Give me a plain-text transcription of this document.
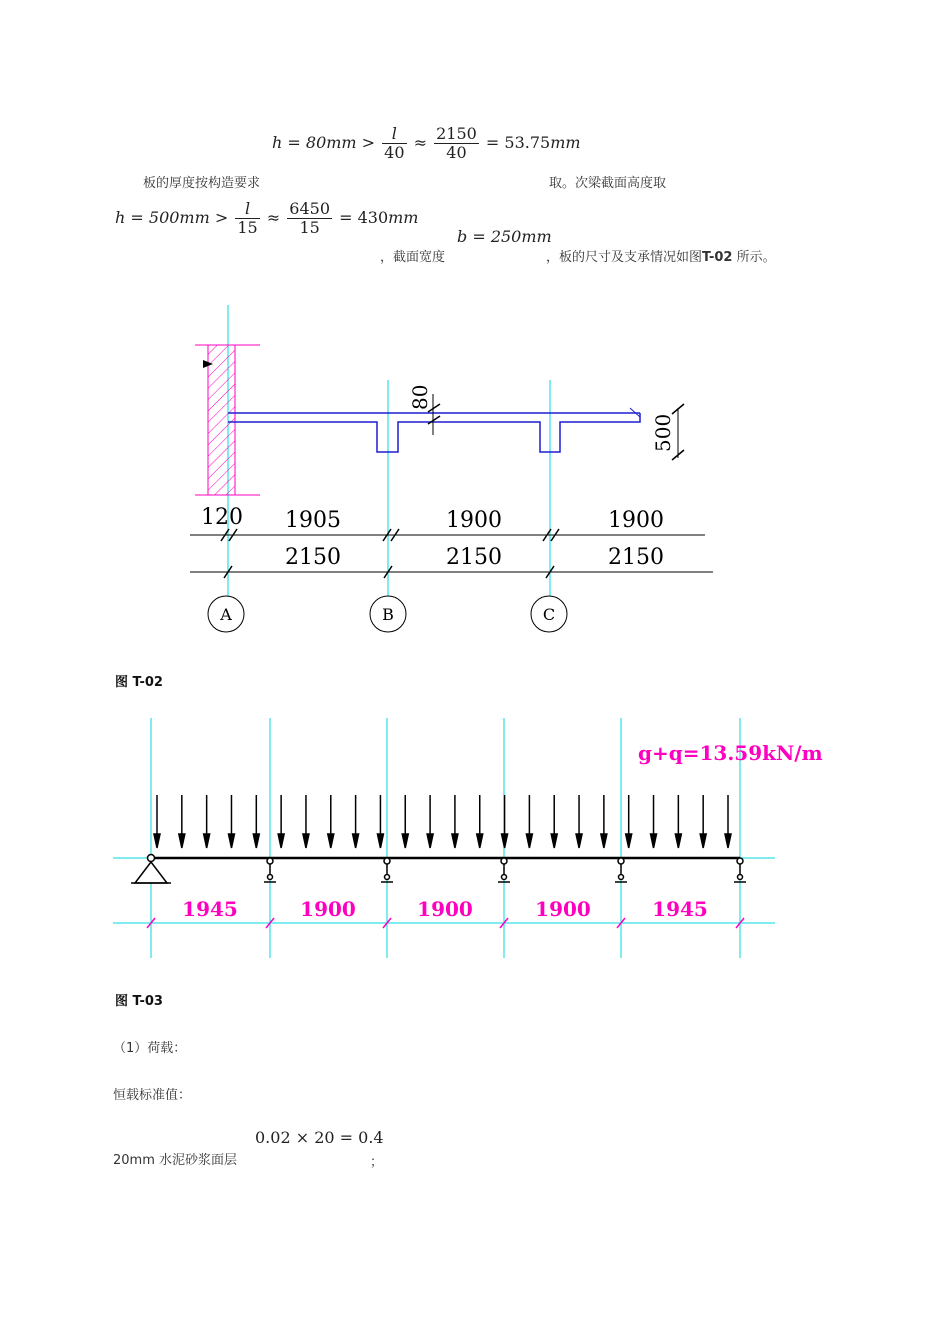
$h = 80mm > \frac{l}{40} \approx \frac{2150}{40} = 53.75mm$
板的厚度按构造要求	取。次梁截面高度取
$h = 500mm > \frac{l}{15} \approx \frac{6450}{15} = 430mm$
，截面宽度
b = 250mm
，板的尺寸及支承情况如图T-02 所示。
80
500
120 1905	1900	1900
2150	2150	2150
A	B	C
图 T-02
1945	1900	1900	1900	1945
g+q=13.59kN/m
图 T-03
（1）荷载：
恒载标准值：
20mm 水泥砂浆面层
0.02 × 20 = 0.4
；
